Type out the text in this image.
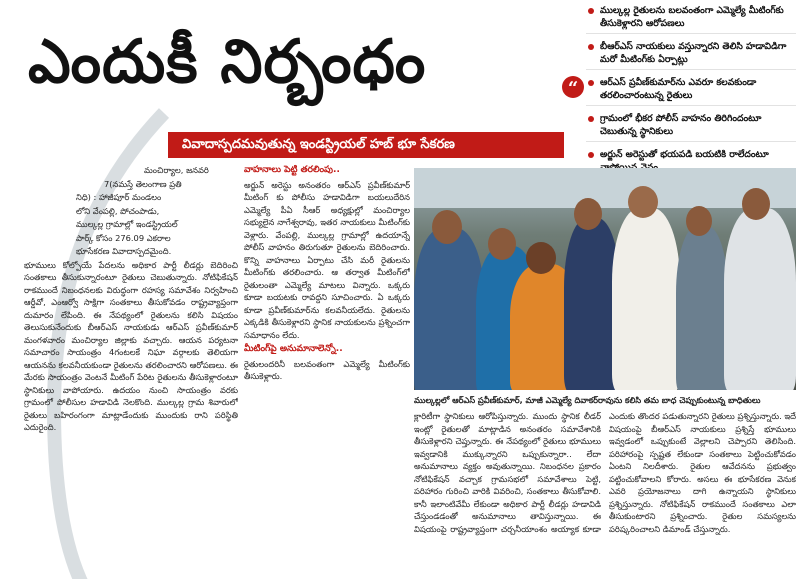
ఎందుకీ నిర్బంధం	“
ముల్కల్ల రైతులను బలవంతంగా ఎమ్మెల్యే మీటింగ్‌కు తీసుకెళ్లారని ఆరోపణలు
బీఆర్ఎస్ నాయకులు వస్తున్నారని తెలిసి హడావిడిగా మరో మీటింగ్‌కు ఏర్పాట్లు
ఆర్ఎస్ ప్రవీణ్‌కుమార్‌ను ఎవరూ కలవకుండా తరలించారంటున్న రైతులు
గ్రామంలో భీకర పోలీస్ వాహనం తిరిగిందంటూ చెబుతున్న స్థానికులు
అర్జున్ అరెస్టుతో భయపడి బయటికి రాలేదంటూ
వివాదాస్పదమవుతున్న ఇండస్ట్రియల్ హబ్ భూ సేకరణ

మంచిర్యాల, జనవరి

7(నమస్తే తెలంగాణ ప్రతి

నిధి) : హాజీపూర్ మండలం

లోని వేంపల్లి, పోచంపాడు,

ముల్కల్ల గ్రామాల్లో ఇండస్ట్రియల్

పార్క్ కోసం 276.09 ఎకరాల

భూసేకరణ వివాదాస్పదమైంది.

భూములు కోల్పోయే పేదలను అధికార పార్టీ లీడర్లు బెదిరించి సంతకాలు తీసుకున్నారంటూ రైతులు చెబుతున్నారు. నోటిఫికేషన్ రాకముందే నిబంధనలకు విరుద్ధంగా రహస్య సమావేశం నిర్వహించి ఆర్డీవో, ఎంఆర్వో సాక్షిగా సంతకాలు తీసుకోవడం రాష్ట్రవ్యాప్తంగా దుమారం లేపింది. ఈ నేపథ్యంలో రైతులను కలిసి విషయం తెలుసుకునేందుకు బీఆర్ఎస్ నాయకుడు ఆర్ఎస్ ప్రవీణ్‌కుమార్ మంగళవారం మంచిర్యాల జిల్లాకు వచ్చారు. ఆయన పర్యటనా సమాచారం సాయంత్రం 4గంటలకే నిఘా వర్గాలకు తెలియగా ఆయనను కలవనీయకుండా రైతులను తరలించారని ఆరోపణలు. ఈ మేరకు సాయంత్రం వెంటనే మీటింగ్ పేరిట రైతులను తీసుకెళ్లారంటూ స్థానికులు వాపోయారు. ఉదయం నుంచి సాయంత్రం వరకు గ్రామంలో పోలీసుల హడావిడి నెలకొంది. ముల్కల్ల గ్రామ శివారులో రైతులు బహిరంగంగా మాట్లాడేందుకు ముందుకు రాని పరిస్థితి ఎదురైంది.

వాహనాలు పెట్టి తరలింపు..

అర్జున్ అరెస్టు అనంతరం ఆర్ఎస్ ప్రవీణ్‌కుమార్ మీటింగ్ కు పోలీసు హడావిడిగా బయలుదేరిన ఎమ్మెల్యే పీఏ సీఆర్ అధ్యక్షుల్లో మంచిర్యాల సభ్యులైన నాగేశ్వరావు, ఇతర నాయకులు మీటింగ్‌కు వెళ్లారు. వేంపల్లి, ముల్కల్ల గ్రామాల్లో ఉదయాన్నే పోలీస్ వాహనం తిరుగుతూ రైతులను బెదిరించారు. కొన్ని వాహనాలు ఏర్పాటు చేసి మరీ రైతులను మీటింగ్‌కు తరలించారు. ఆ తర్వాత మీటింగ్‌లో రైతులంతా ఎమ్మెల్యే మాటలు విన్నారు. ఒక్కరు కూడా బయటకు రావద్దని సూచించారు. ఏ ఒక్కరు కూడా ప్రవీణ్‌కుమార్‌ను కలవనీయలేదు. రైతులను ఎక్కడికి తీసుకెళ్లారని స్థానిక నాయకులను ప్రశ్నించగా సమాధానం లేదు.

మీటింగ్‌పై అనుమానాలెన్నో..

రైతులందరినీ బలవంతంగా ఎమ్మెల్యే మీటింగ్‌కు తీసుకెళ్లారు.

ముల్కల్లలో ఆర్ఎస్ ప్రవీణ్‌కుమార్, మాజీ ఎమ్మెల్యే దివాకర్‌రావును కలిసి తమ బాధ చెప్పుకుంటున్న బాధితులు
క్లారిటీగా స్థానికులు ఆరోపిస్తున్నారు. ముందు స్థానిక లీడర్ ఇంట్లో రైతులతో మాట్లాడిన అనంతరం సమావేశానికి తీసుకెళ్లారని చెప్తున్నారు. ఈ నేపథ్యంలో రైతులు భూములు ఇవ్వడానికి ముక్కున్నారని ఒప్పుకున్నారా.. లేదా అనుమానాలు వ్యక్తం అవుతున్నాయి. నిబంధనల ప్రకారం నోటిఫికేషన్ వచ్చాక గ్రామసభలో సమావేశాలు పెట్టి, పరిహారం గురించి వారికి వివరించి, సంతకాలు తీసుకోవాలి. కానీ ఇలాంటివేమీ లేకుండా అధికార పార్టీ లీడర్లు హడావిడి చేస్తుండడంతో అనుమానాలు తావిస్తున్నాయి. ఈ విషయంపై రాష్ట్రవ్యాప్తంగా చర్చనీయాంశం అయ్యాక కూడా ఎందుకు తొందర పడుతున్నారని రైతులు ప్రశ్నిస్తున్నారు. ఇదే విషయంపై బీఆర్ఎస్ నాయకులు ప్రశ్నిస్తే భూములు ఇవ్వడంలో ఒప్పుకుంటే వెల్లాలని చెప్పారని తెలిసింది. పరిహారంపై స్పష్టత లేకుండా సంతకాలు పెట్టించుకోవడం ఏంటని నిలదీశారు. రైతుల ఆవేదనను ప్రభుత్వం పట్టించుకోవాలని కోరారు. అసలు ఈ భూసేకరణ వెనుక ఎవరి ప్రయోజనాలు దాగి ఉన్నాయని స్థానికులు ప్రశ్నిస్తున్నారు. నోటిఫికేషన్ రాకముందే సంతకాలు ఎలా తీసుకుంటారని ప్రశ్నించారు. రైతుల సమస్యలను పరిష్కరించాలని డిమాండ్ చేస్తున్నారు.
